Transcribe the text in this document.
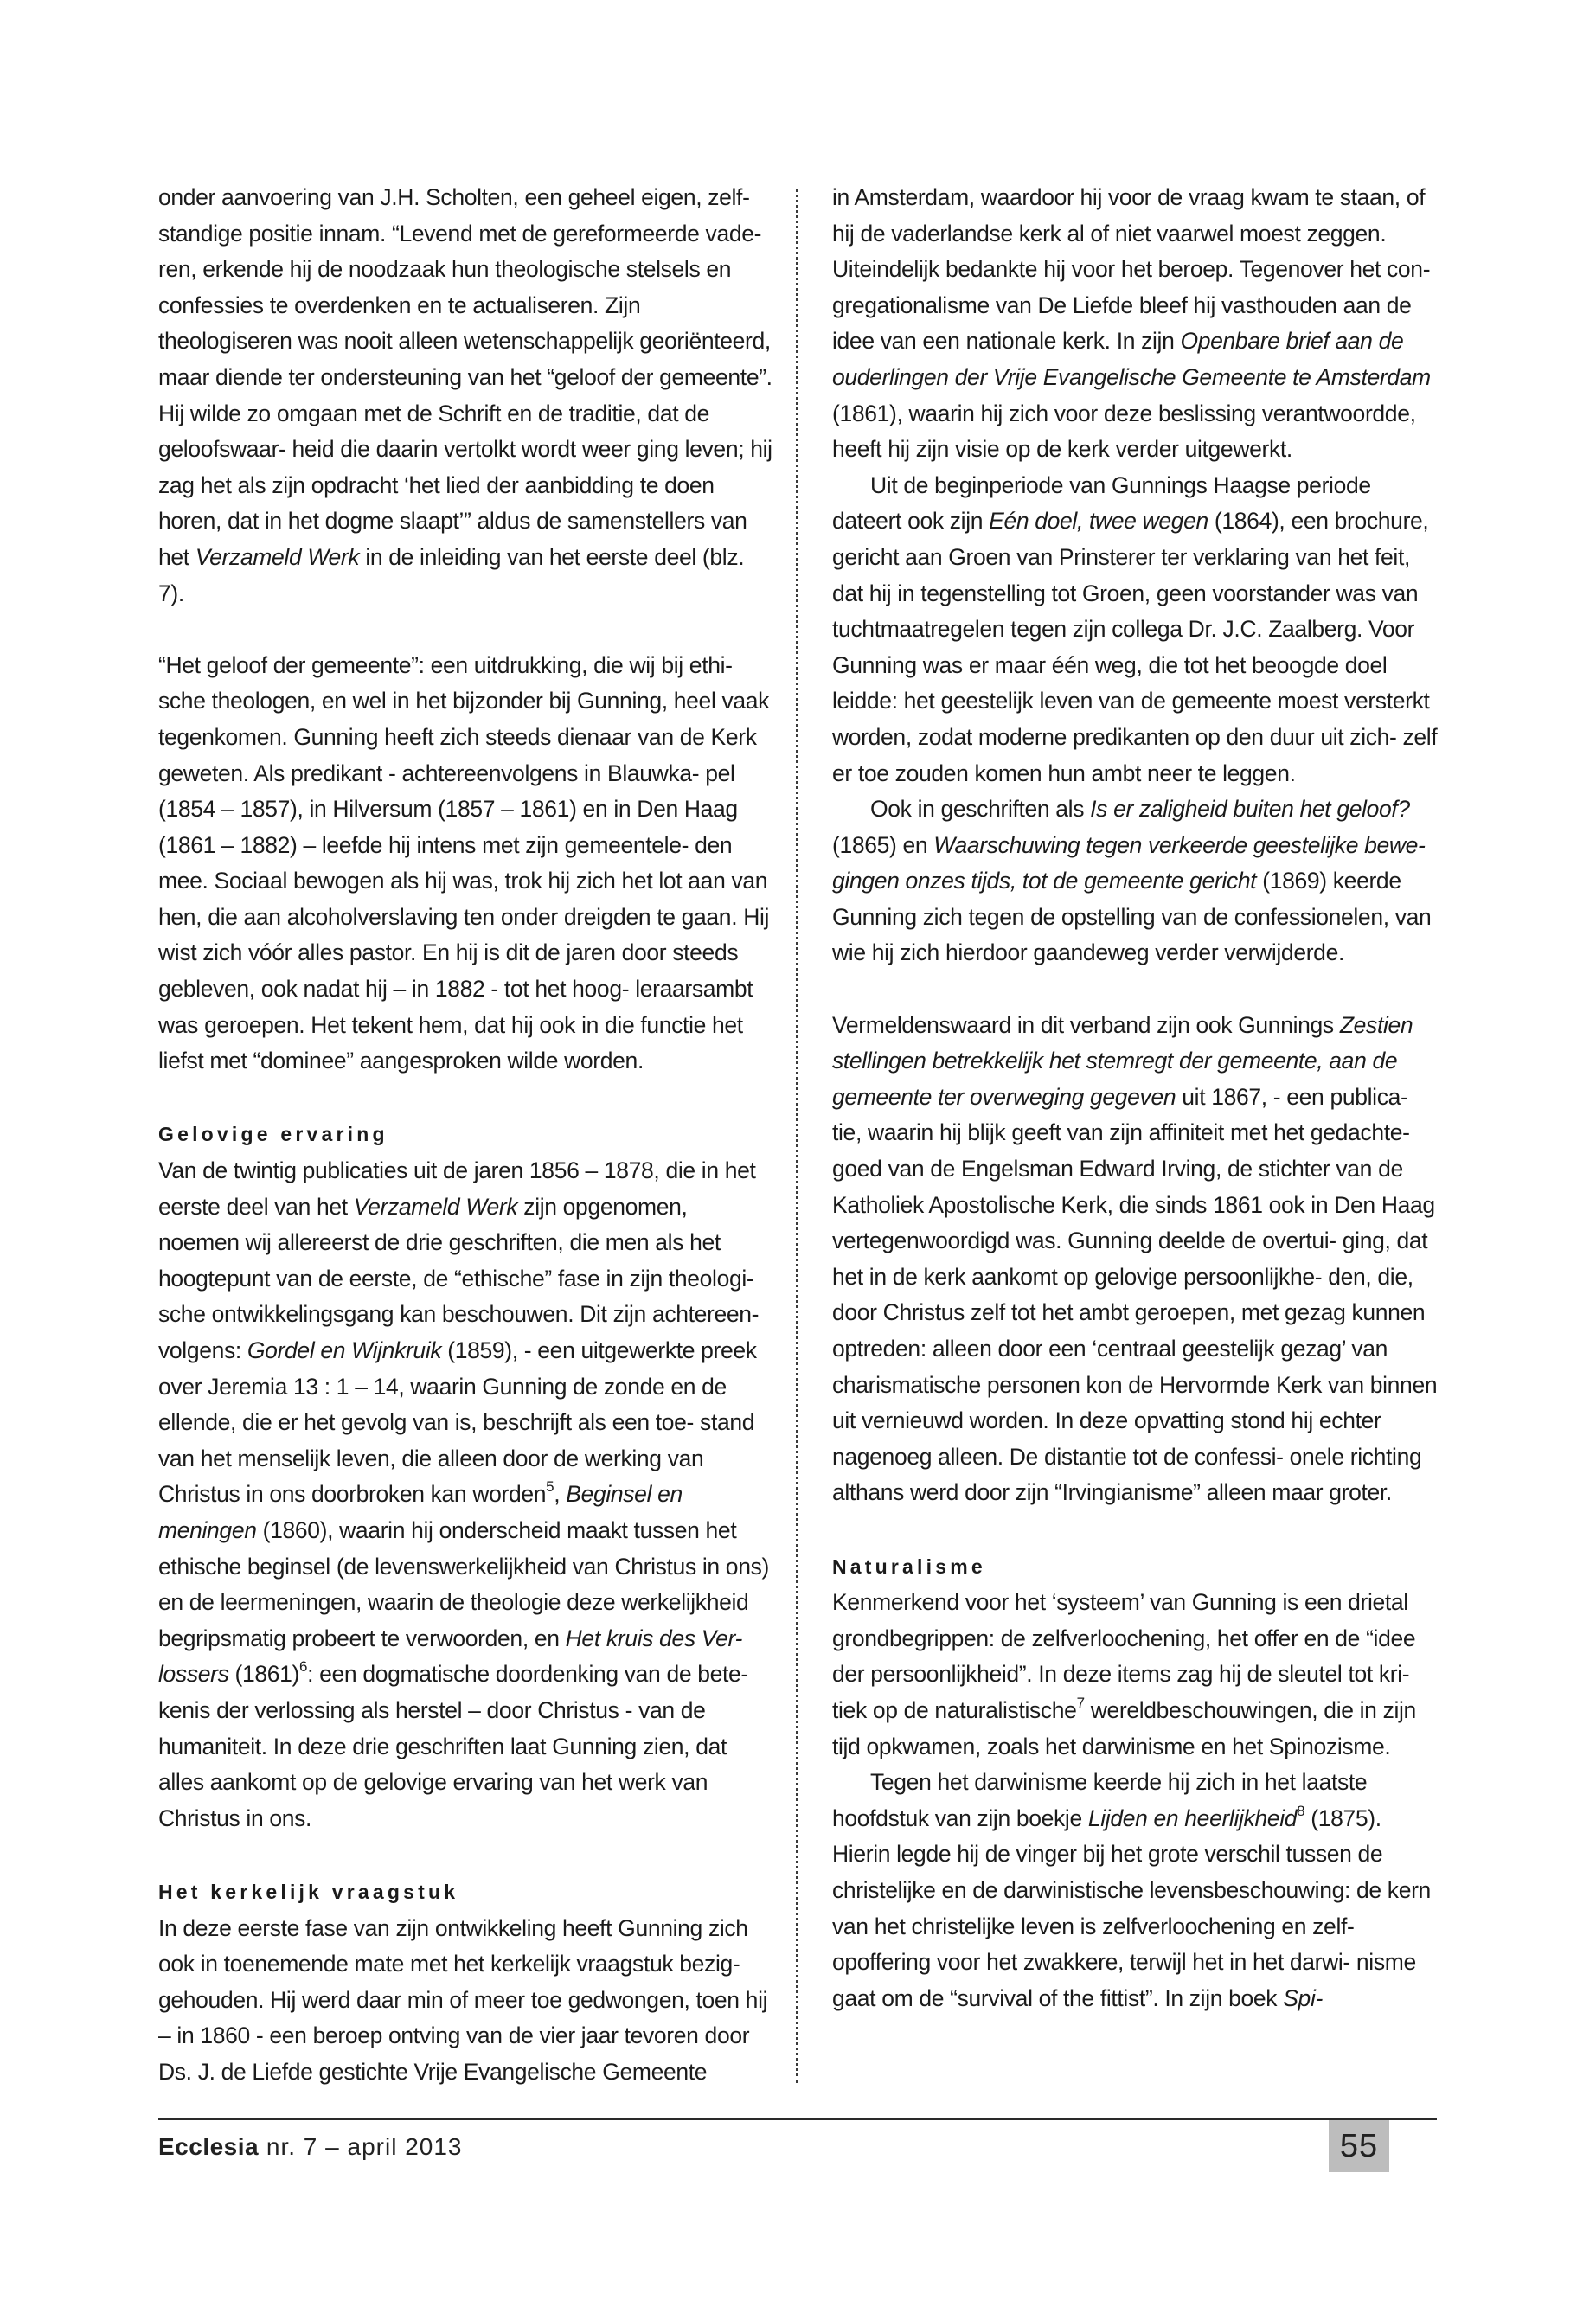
onder aanvoering van J.H. Scholten, een geheel eigen, zelf- standige positie innam. “Levend met de gereformeerde vade- ren, erkende hij de noodzaak hun theologische stelsels en confessies te overdenken en te actualiseren. Zijn theologiseren was nooit alleen wetenschappelijk georiënteerd, maar diende ter ondersteuning van het “geloof der gemeente”. Hij wilde zo omgaan met de Schrift en de traditie, dat de geloofswaar- heid die daarin vertolkt wordt weer ging leven; hij zag het als zijn opdracht ‘het lied der aanbidding te doen horen, dat in het dogme slaapt’” aldus de samenstellers van het Verzameld Werk in de inleiding van het eerste deel (blz. 7).

“Het geloof der gemeente”: een uitdrukking, die wij bij ethi- sche theologen, en wel in het bijzonder bij Gunning, heel vaak tegenkomen. Gunning heeft zich steeds dienaar van de Kerk geweten. Als predikant - achtereenvolgens in Blauwka- pel (1854 – 1857), in Hilversum (1857 – 1861) en in Den Haag (1861 – 1882) – leefde hij intens met zijn gemeentele- den mee. Sociaal bewogen als hij was, trok hij zich het lot aan van hen, die aan alcoholverslaving ten onder dreigden te gaan. Hij wist zich vóór alles pastor. En hij is dit de jaren door steeds gebleven, ook nadat hij – in 1882 - tot het hoog- leraarsambt was geroepen. Het tekent hem, dat hij ook in die functie het liefst met “dominee” aangesproken wilde worden.

Gelovige ervaring

Van de twintig publicaties uit de jaren 1856 – 1878, die in het eerste deel van het Verzameld Werk zijn opgenomen, noemen wij allereerst de drie geschriften, die men als het hoogtepunt van de eerste, de “ethische” fase in zijn theologi- sche ontwikkelingsgang kan beschouwen. Dit zijn achtereen- volgens: Gordel en Wijnkruik (1859), - een uitgewerkte preek over Jeremia 13 : 1 – 14, waarin Gunning de zonde en de ellende, die er het gevolg van is, beschrijft als een toe- stand van het menselijk leven, die alleen door de werking van Christus in ons doorbroken kan worden$^5$, Beginsel en meningen (1860), waarin hij onderscheid maakt tussen het ethische beginsel (de levenswerkelijkheid van Christus in ons) en de leermeningen, waarin de theologie deze werkelijkheid begripsmatig probeert te verwoorden, en Het kruis des Ver- lossers $(1861)^6$: een dogmatische doordenking van de bete- kenis der verlossing als herstel – door Christus - van de humaniteit. In deze drie geschriften laat Gunning zien, dat alles aankomt op de gelovige ervaring van het werk van Christus in ons.

Het kerkelijk vraagstuk

In deze eerste fase van zijn ontwikkeling heeft Gunning zich ook in toenemende mate met het kerkelijk vraagstuk bezig- gehouden. Hij werd daar min of meer toe gedwongen, toen hij – in 1860 - een beroep ontving van de vier jaar tevoren door Ds. J. de Liefde gestichte Vrije Evangelische Gemeente

in Amsterdam, waardoor hij voor de vraag kwam te staan, of hij de vaderlandse kerk al of niet vaarwel moest zeggen. Uiteindelijk bedankte hij voor het beroep. Tegenover het con- gregationalisme van De Liefde bleef hij vasthouden aan de idee van een nationale kerk. In zijn Openbare brief aan de ouderlingen der Vrije Evangelische Gemeente te Amsterdam (1861), waarin hij zich voor deze beslissing verantwoordde, heeft hij zijn visie op de kerk verder uitgewerkt.

Uit de beginperiode van Gunnings Haagse periode dateert ook zijn Eén doel, twee wegen (1864), een brochure, gericht aan Groen van Prinsterer ter verklaring van het feit, dat hij in tegenstelling tot Groen, geen voorstander was van tuchtmaatregelen tegen zijn collega Dr. J.C. Zaalberg. Voor Gunning was er maar één weg, die tot het beoogde doel leidde: het geestelijk leven van de gemeente moest versterkt worden, zodat moderne predikanten op den duur uit zich- zelf er toe zouden komen hun ambt neer te leggen.

Ook in geschriften als Is er zaligheid buiten het geloof? (1865) en Waarschuwing tegen verkeerde geestelijke bewe- gingen onzes tijds, tot de gemeente gericht (1869) keerde Gunning zich tegen de opstelling van de confessionelen, van wie hij zich hierdoor gaandeweg verder verwijderde.

Vermeldenswaard in dit verband zijn ook Gunnings Zestien stellingen betrekkelijk het stemregt der gemeente, aan de gemeente ter overweging gegeven uit 1867, - een publica- tie, waarin hij blijk geeft van zijn affiniteit met het gedachte- goed van de Engelsman Edward Irving, de stichter van de Katholiek Apostolische Kerk, die sinds 1861 ook in Den Haag vertegenwoordigd was. Gunning deelde de overtui- ging, dat het in de kerk aankomt op gelovige persoonlijkhe- den, die, door Christus zelf tot het ambt geroepen, met gezag kunnen optreden: alleen door een ‘centraal geestelijk gezag’ van charismatische personen kon de Hervormde Kerk van binnen uit vernieuwd worden. In deze opvatting stond hij echter nagenoeg alleen. De distantie tot de confessi- onele richting althans werd door zijn “Irvingianisme” alleen maar groter.

Naturalisme

Kenmerkend voor het ‘systeem’ van Gunning is een drietal grondbegrippen: de zelfverloochening, het offer en de “idee der persoonlijkheid”. In deze items zag hij de sleutel tot kri- tiek op de naturalistische$^7$ wereldbeschouwingen, die in zijn tijd opkwamen, zoals het darwinisme en het Spinozisme.

Tegen het darwinisme keerde hij zich in het laatste hoofdstuk van zijn boekje Lijden en heerlijkheid$^8$ (1875). Hierin legde hij de vinger bij het grote verschil tussen de christelijke en de darwinistische levensbeschouwing: de kern van het christelijke leven is zelfverloochening en zelf- opoffering voor het zwakkere, terwijl het in het darwi- nisme gaat om de “survival of the fittist”. In zijn boek Spi-

Ecclesia nr. 7 – april 2013	55
